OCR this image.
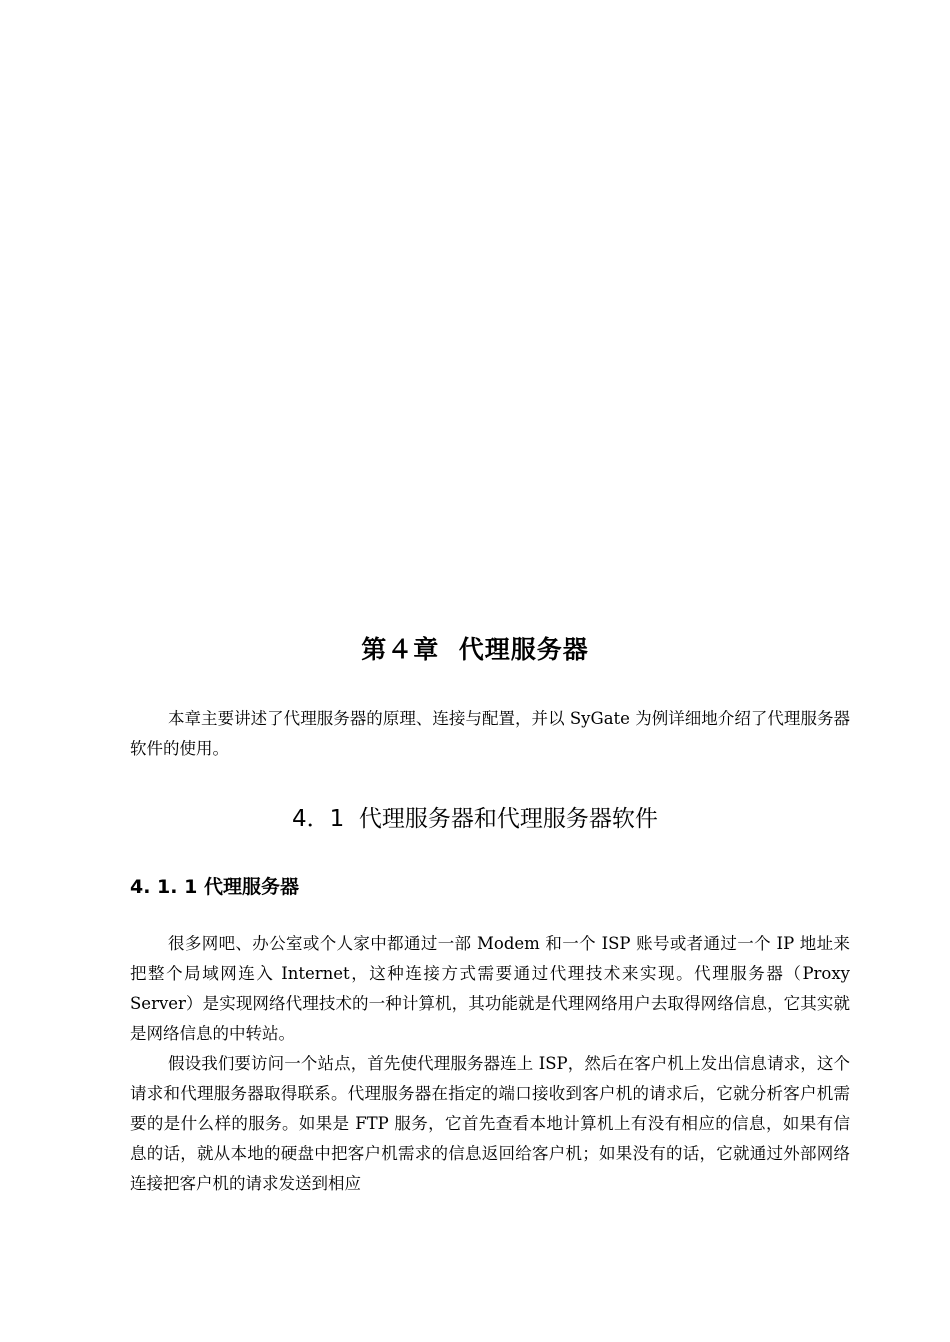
第４章  代理服务器
本章主要讲述了代理服务器的原理、连接与配置，并以 SyGate 为例详细地介绍了代理服务器软件的使用。
4．1  代理服务器和代理服务器软件
4. 1. 1 代理服务器

很多网吧、办公室或个人家中都通过一部 Modem 和一个 ISP 账号或者通过一个 IP 地址来把整个局域网连入 Internet，这种连接方式需要通过代理技术来实现。代理服务器（Proxy Server）是实现网络代理技术的一种计算机，其功能就是代理网络用户去取得网络信息，它其实就是网络信息的中转站。

假设我们要访问一个站点，首先使代理服务器连上 ISP，然后在客户机上发出信息请求，这个请求和代理服务器取得联系。代理服务器在指定的端口接收到客户机的请求后，它就分析客户机需要的是什么样的服务。如果是 FTP 服务，它首先查看本地计算机上有没有相应的信息，如果有信息的话，就从本地的硬盘中把客户机需求的信息返回给客户机；如果没有的话，它就通过外部网络连接把客户机的请求发送到相应
